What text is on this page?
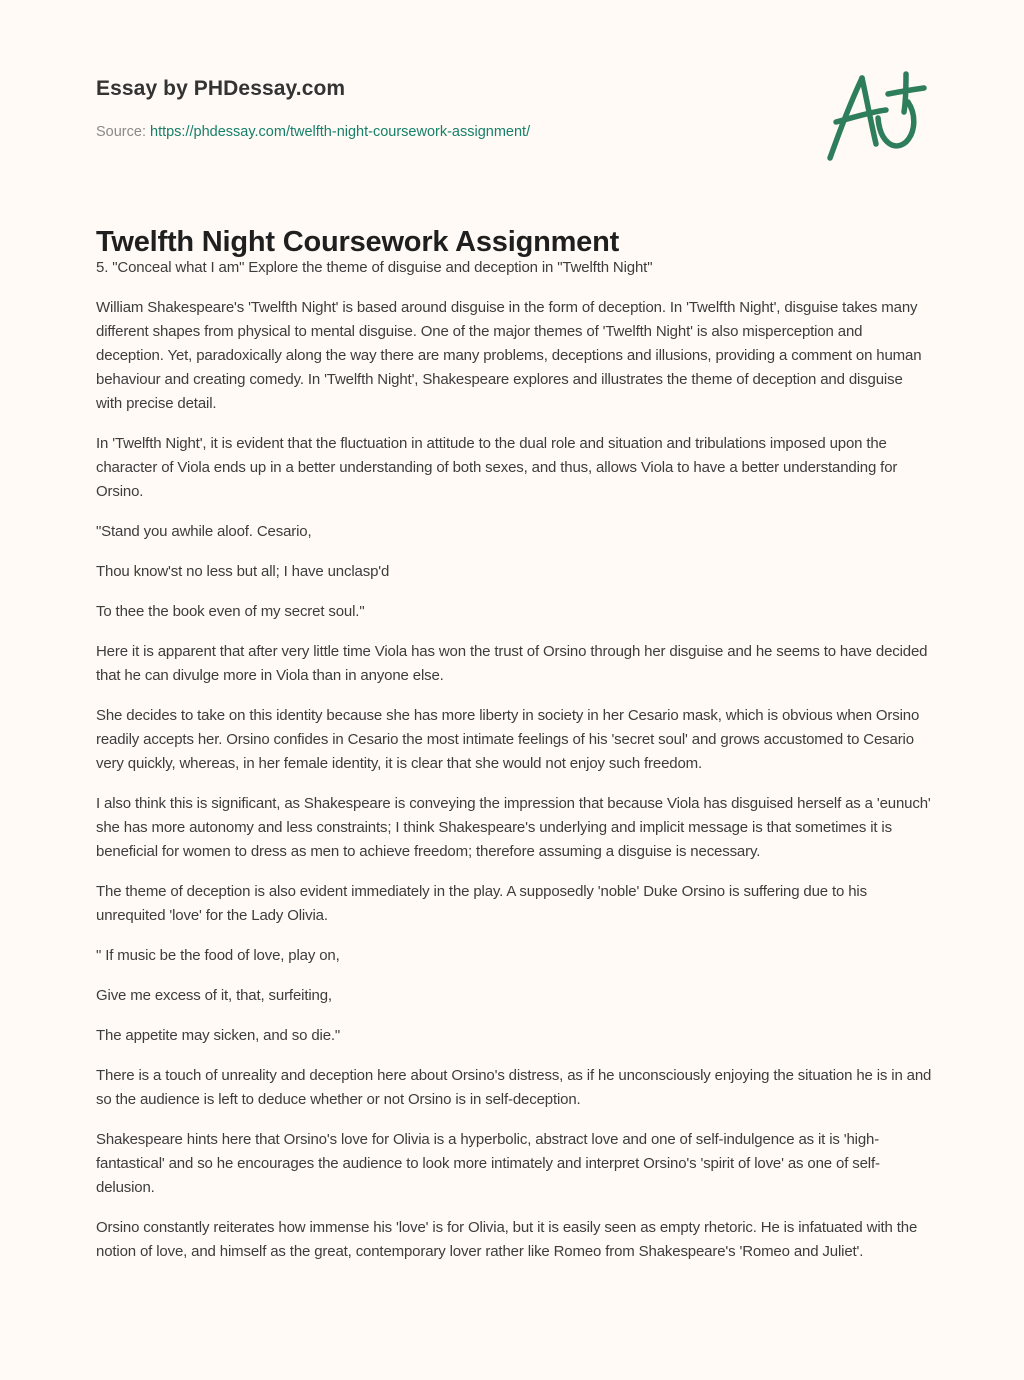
Essay by PHDessay.com

Source: https://phdessay.com/twelfth-night-coursework-assignment/

Twelfth Night Coursework Assignment

5. "Conceal what I am" Explore the theme of disguise and deception in "Twelfth Night"

William Shakespeare's 'Twelfth Night' is based around disguise in the form of deception. In 'Twelfth Night', disguise takes many different shapes from physical to mental disguise. One of the major themes of 'Twelfth Night' is also misperception and deception. Yet, paradoxically along the way there are many problems, deceptions and illusions, providing a comment on human behaviour and creating comedy. In 'Twelfth Night', Shakespeare explores and illustrates the theme of deception and disguise with precise detail.

In 'Twelfth Night', it is evident that the fluctuation in attitude to the dual role and situation and tribulations imposed upon the character of Viola ends up in a better understanding of both sexes, and thus, allows Viola to have a better understanding for Orsino.

"Stand you awhile aloof. Cesario,

Thou know'st no less but all; I have unclasp'd

To thee the book even of my secret soul."

Here it is apparent that after very little time Viola has won the trust of Orsino through her disguise and he seems to have decided that he can divulge more in Viola than in anyone else.

She decides to take on this identity because she has more liberty in society in her Cesario mask, which is obvious when Orsino readily accepts her. Orsino confides in Cesario the most intimate feelings of his 'secret soul' and grows accustomed to Cesario very quickly, whereas, in her female identity, it is clear that she would not enjoy such freedom.

I also think this is significant, as Shakespeare is conveying the impression that because Viola has disguised herself as a 'eunuch' she has more autonomy and less constraints; I think Shakespeare's underlying and implicit message is that sometimes it is beneficial for women to dress as men to achieve freedom; therefore assuming a disguise is necessary.

The theme of deception is also evident immediately in the play. A supposedly 'noble' Duke Orsino is suffering due to his unrequited 'love' for the Lady Olivia.

" If music be the food of love, play on,

Give me excess of it, that, surfeiting,

The appetite may sicken, and so die."

There is a touch of unreality and deception here about Orsino's distress, as if he unconsciously enjoying the situation he is in and so the audience is left to deduce whether or not Orsino is in self-deception.

Shakespeare hints here that Orsino's love for Olivia is a hyperbolic, abstract love and one of self-indulgence as it is 'high-fantastical' and so he encourages the audience to look more intimately and interpret Orsino's 'spirit of love' as one of self-delusion.

Orsino constantly reiterates how immense his 'love' is for Olivia, but it is easily seen as empty rhetoric. He is infatuated with the notion of love, and himself as the great, contemporary lover rather like Romeo from Shakespeare's 'Romeo and Juliet'.
